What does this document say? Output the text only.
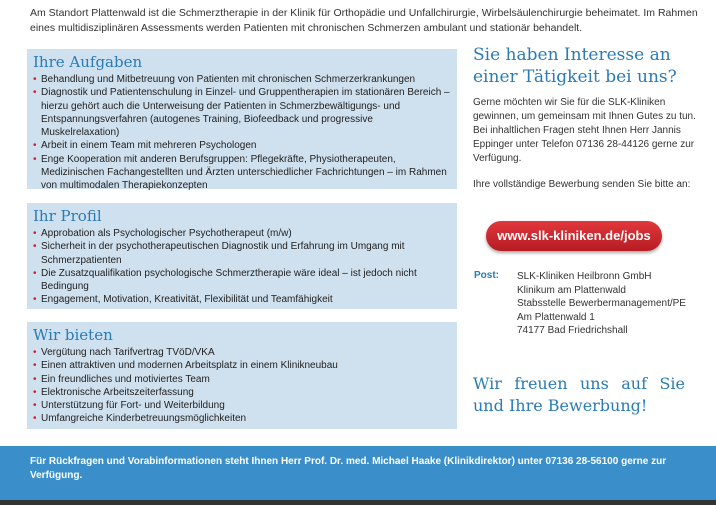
Am Standort Plattenwald ist die Schmerztherapie in der Klinik für Orthopädie und Unfallchirurgie, Wirbelsäulenchirurgie beheimatet. Im Rahmen eines multidisziplinären Assessments werden Patienten mit chronischen Schmerzen ambulant und stationär behandelt.
Ihre Aufgaben
• Behandlung und Mitbetreuung von Patienten mit chronischen Schmerzerkrankungen
• Diagnostik und Patientenschulung in Einzel- und Gruppentherapien im stationären Bereich – hierzu gehört auch die Unterweisung der Patienten in Schmerzbewältigungs- und Entspannungsverfahren (autogenes Training, Biofeedback und progressive Muskelrelaxation)
• Arbeit in einem Team mit mehreren Psychologen
• Enge Kooperation mit anderen Berufsgruppen: Pflegekräfte, Physiotherapeuten, Medizinischen Fachangestellten und Ärzten unterschiedlicher Fachrichtungen – im Rahmen von multimodalen Therapiekonzepten
Ihr Profil
• Approbation als Psychologischer Psychotherapeut (m/w)
• Sicherheit in der psychotherapeutischen Diagnostik und Erfahrung im Umgang mit Schmerzpatienten
• Die Zusatzqualifikation psychologische Schmerztherapie wäre ideal – ist jedoch nicht Bedingung
• Engagement, Motivation, Kreativität, Flexibilität und Teamfähigkeit
Wir bieten
• Vergütung nach Tarifvertrag TVöD/VKA
• Einen attraktiven und modernen Arbeitsplatz in einem Klinikneubau
• Ein freundliches und motiviertes Team
• Elektronische Arbeitszeiterfassung
• Unterstützung für Fort- und Weiterbildung
• Umfangreiche Kinderbetreuungsmöglichkeiten
Sie haben Interesse an einer Tätigkeit bei uns?
Gerne möchten wir Sie für die SLK-Kliniken gewinnen, um gemeinsam mit Ihnen Gutes zu tun. Bei inhaltlichen Fragen steht Ihnen Herr Jannis Eppinger unter Telefon 07136 28-44126 gerne zur Verfügung.
Ihre vollständige Bewerbung senden Sie bitte an:
www.slk-kliniken.de/jobs
Post: SLK-Kliniken Heilbronn GmbH
Klinikum am Plattenwald
Stabsstelle Bewerbermanagement/PE
Am Plattenwald 1
74177 Bad Friedrichshall
Wir freuen uns auf Sie und Ihre Bewerbung!
Für Rückfragen und Vorabinformationen steht Ihnen Herr Prof. Dr. med. Michael Haake (Klinikdirektor) unter 07136 28-56100 gerne zur Verfügung.
